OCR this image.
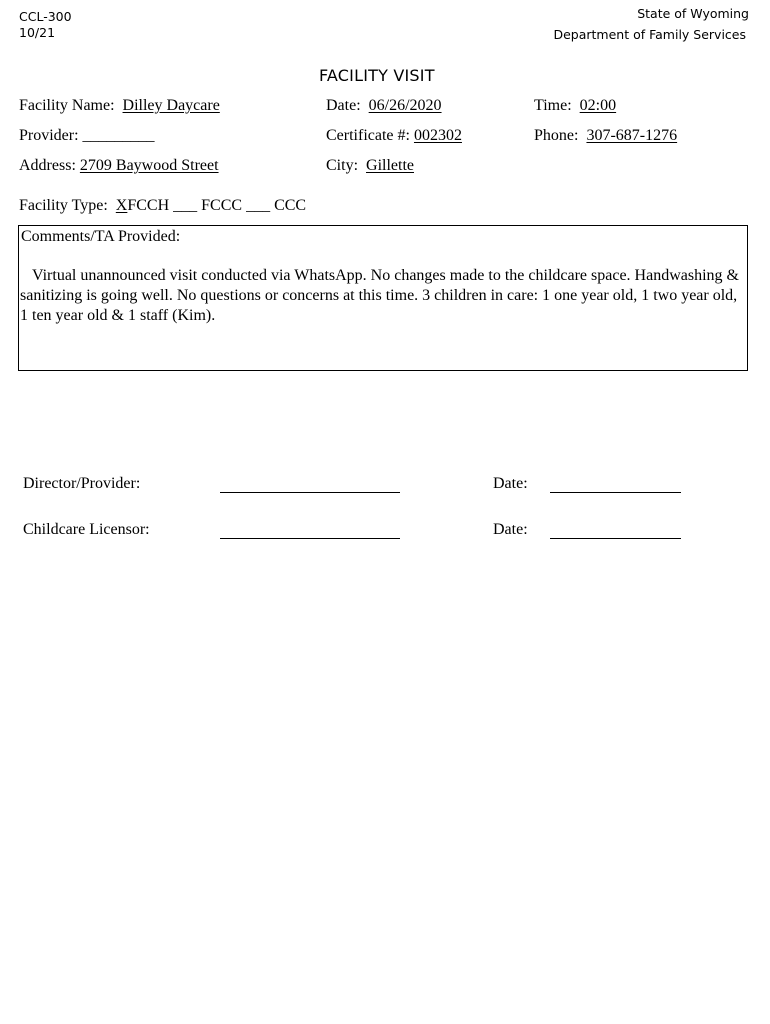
CCL-300
10/21
State of Wyoming
Department of Family Services
FACILITY VISIT
Facility Name: Dilley Daycare	Date: 06/26/2020	Time: 02:00
Provider: _________	Certificate #: 002302	Phone: 307-687-1276
Address: 2709 Baywood Street	City: Gillette
Facility Type: XFCCH ___ FCCC ___ CCC
Comments/TA Provided:
Virtual unannounced visit conducted via WhatsApp. No changes made to the childcare space. Handwashing & sanitizing is going well. No questions or concerns at this time. 3 children in care: 1 one year old, 1 two year old, 1 ten year old & 1 staff (Kim).
Director/Provider:	Date:
Childcare Licensor:	Date:
